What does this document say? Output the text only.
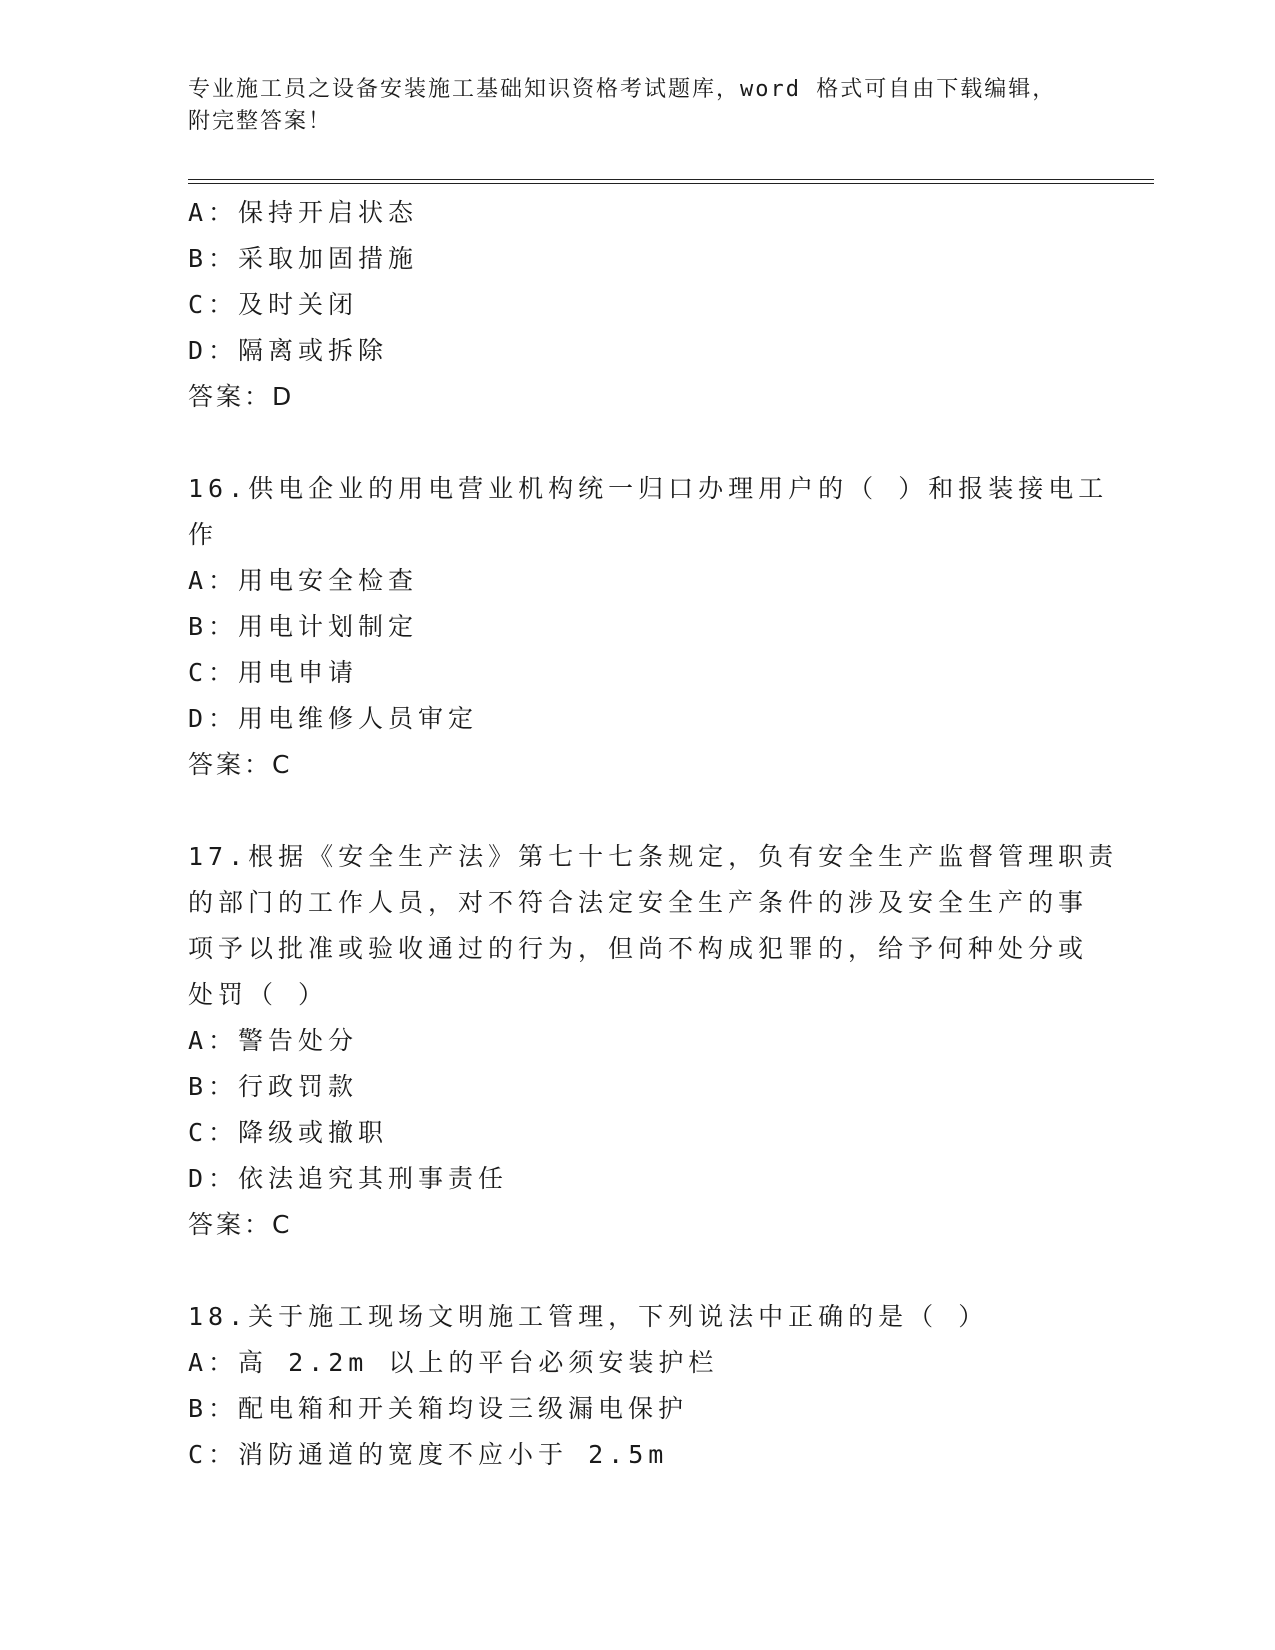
专业施工员之设备安装施工基础知识资格考试题库，word 格式可自由下载编辑，
附完整答案！
A：保持开启状态
B：采取加固措施
C：及时关闭
D：隔离或拆除
答案：D
16.供电企业的用电营业机构统一归口办理用户的（ ）和报装接电工
作
A：用电安全检查
B：用电计划制定
C：用电申请
D：用电维修人员审定
答案：C
17.根据《安全生产法》第七十七条规定，负有安全生产监督管理职责
的部门的工作人员，对不符合法定安全生产条件的涉及安全生产的事
项予以批准或验收通过的行为，但尚不构成犯罪的，给予何种处分或
处罚（ ）
A：警告处分
B：行政罚款
C：降级或撤职
D：依法追究其刑事责任
答案：C
18.关于施工现场文明施工管理，下列说法中正确的是（ ）
A：高 2.2m 以上的平台必须安装护栏
B：配电箱和开关箱均设三级漏电保护
C：消防通道的宽度不应小于 2.5m
